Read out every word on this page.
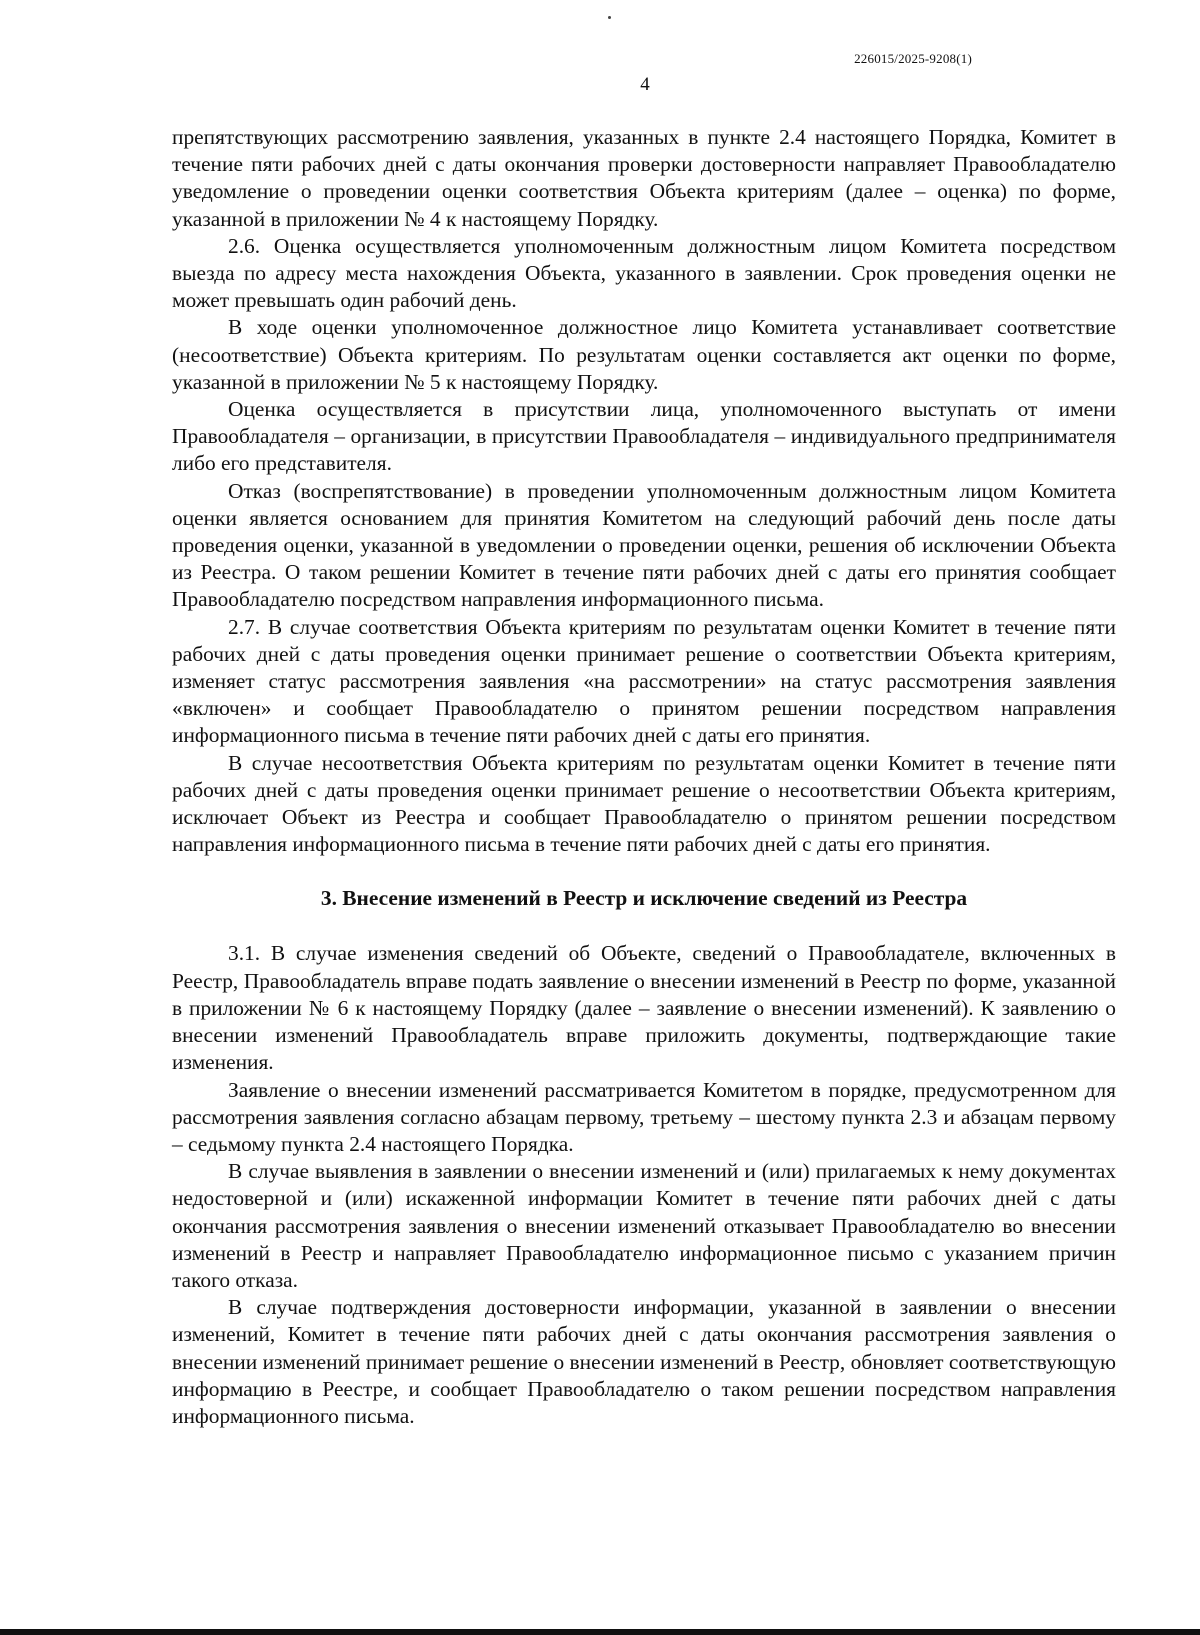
226015/2025-9208(1)
4

препятствующих рассмотрению заявления, указанных в пункте 2.4 настоящего Порядка, Комитет в течение пяти рабочих дней с даты окончания проверки достоверности направляет Правообладателю уведомление о проведении оценки соответствия Объекта критериям (далее – оценка) по форме, указанной в приложении № 4 к настоящему Порядку.

2.6. Оценка осуществляется уполномоченным должностным лицом Комитета посредством выезда по адресу места нахождения Объекта, указанного в заявлении. Срок проведения оценки не может превышать один рабочий день.

В ходе оценки уполномоченное должностное лицо Комитета устанавливает соответствие (несоответствие) Объекта критериям. По результатам оценки составляется акт оценки по форме, указанной в приложении № 5 к настоящему Порядку.

Оценка осуществляется в присутствии лица, уполномоченного выступать от имени Правообладателя – организации, в присутствии Правообладателя – индивидуального предпринимателя либо его представителя.

Отказ (воспрепятствование) в проведении уполномоченным должностным лицом Комитета оценки является основанием для принятия Комитетом на следующий рабочий день после даты проведения оценки, указанной в уведомлении о проведении оценки, решения об исключении Объекта из Реестра. О таком решении Комитет в течение пяти рабочих дней с даты его принятия сообщает Правообладателю посредством направления информационного письма.

2.7. В случае соответствия Объекта критериям по результатам оценки Комитет в течение пяти рабочих дней с даты проведения оценки принимает решение о соответствии Объекта критериям, изменяет статус рассмотрения заявления «на рассмотрении» на статус рассмотрения заявления «включен» и сообщает Правообладателю о принятом решении посредством направления информационного письма в течение пяти рабочих дней с даты его принятия.

В случае несоответствия Объекта критериям по результатам оценки Комитет в течение пяти рабочих дней с даты проведения оценки принимает решение о несоответствии Объекта критериям, исключает Объект из Реестра и сообщает Правообладателю о принятом решении посредством направления информационного письма в течение пяти рабочих дней с даты его принятия.

3. Внесение изменений в Реестр и исключение сведений из Реестра

3.1. В случае изменения сведений об Объекте, сведений о Правообладателе, включенных в Реестр, Правообладатель вправе подать заявление о внесении изменений в Реестр по форме, указанной в приложении № 6 к настоящему Порядку (далее – заявление о внесении изменений). К заявлению о внесении изменений Правообладатель вправе приложить документы, подтверждающие такие изменения.

Заявление о внесении изменений рассматривается Комитетом в порядке, предусмотренном для рассмотрения заявления согласно абзацам первому, третьему – шестому пункта 2.3 и абзацам первому – седьмому пункта 2.4 настоящего Порядка.

В случае выявления в заявлении о внесении изменений и (или) прилагаемых к нему документах недостоверной и (или) искаженной информации Комитет в течение пяти рабочих дней с даты окончания рассмотрения заявления о внесении изменений отказывает Правообладателю во внесении изменений в Реестр и направляет Правообладателю информационное письмо с указанием причин такого отказа.

В случае подтверждения достоверности информации, указанной в заявлении о внесении изменений, Комитет в течение пяти рабочих дней с даты окончания рассмотрения заявления о внесении изменений принимает решение о внесении изменений в Реестр, обновляет соответствующую информацию в Реестре, и сообщает Правообладателю о таком решении посредством направления информационного письма.
